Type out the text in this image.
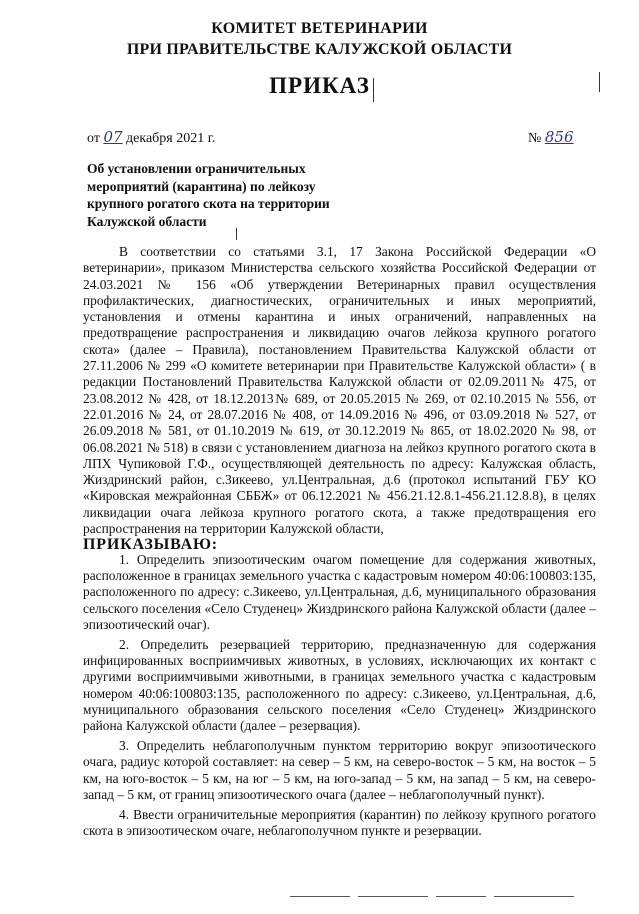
КОМИТЕТ ВЕТЕРИНАРИИ
ПРИ ПРАВИТЕЛЬСТВЕ КАЛУЖСКОЙ ОБЛАСТИ
ПРИКАЗ
от 07 декабря 2021 г.	№ 856
Об установлении ограничительных
мероприятий (карантина) по лейкозу
крупного рогатого скота на территории
Калужской области
В соответствии со статьями 3.1, 17 Закона Российской Федерации «О ветеринарии», приказом Министерства сельского хозяйства Российской Федерации от 24.03.2021 № 156 «Об утверждении Ветеринарных правил осуществления профилактических, диагностических, ограничительных и иных мероприятий, установления и отмены карантина и иных ограничений, направленных на предотвращение распространения и ликвидацию очагов лейкоза крупного рогатого скота» (далее – Правила), постановлением Правительства Калужской области от 27.11.2006 № 299 «О комитете ветеринарии при Правительстве Калужской области» ( в редакции Постановлений Правительства Калужской области от 02.09.2011№ 475, от 23.08.2012 № 428, от 18.12.2013№ 689, от 20.05.2015 № 269, от 02.10.2015 № 556, от 22.01.2016 № 24, от 28.07.2016 № 408, от 14.09.2016 № 496, от 03.09.2018 № 527, от 26.09.2018 № 581, от 01.10.2019 № 619, от 30.12.2019 № 865, от 18.02.2020 № 98, от 06.08.2021 № 518) в связи с установлением диагноза на лейкоз крупного рогатого скота в ЛПХ Чупиковой Г.Ф., осуществляющей деятельность по адресу: Калужская область, Жиздринский район, с.Зикеево, ул.Центральная, д.6 (протокол испытаний ГБУ КО «Кировская межрайонная СББЖ» от 06.12.2021 № 456.21.12.8.1-456.21.12.8.8), в целях ликвидации очага лейкоза крупного рогатого скота, а также предотвращения его распространения на территории Калужской области,
ПРИКАЗЫВАЮ:

1. Определить эпизоотическим очагом помещение для содержания животных, расположенное в границах земельного участка с кадастровым номером 40:06:100803:135, расположенного по адресу: с.Зикеево, ул.Центральная, д.6, муниципального образования сельского поселения «Село Студенец» Жиздринского района Калужской области (далее – эпизоотический очаг).

2. Определить резервацией территорию, предназначенную для содержания инфицированных восприимчивых животных, в условиях, исключающих их контакт с другими восприимчивыми животными, в границах земельного участка с кадастровым номером 40:06:100803:135, расположенного по адресу: с.Зикеево, ул.Центральная, д.6, муниципального образования сельского поселения «Село Студенец» Жиздринского района Калужской области (далее – резервация).

3. Определить неблагополучным пунктом территорию вокруг эпизоотического очага, радиус которой составляет: на север – 5 км, на северо-восток – 5 км, на восток – 5 км, на юго-восток – 5 км, на юг – 5 км, на юго-запад – 5 км, на запад – 5 км, на северо-запад – 5 км, от границ эпизоотического очага (далее – неблагополучный пункт).

4. Ввести ограничительные мероприятия (карантин) по лейкозу крупного рогатого скота в эпизоотическом очаге, неблагополучном пункте и резервации.
